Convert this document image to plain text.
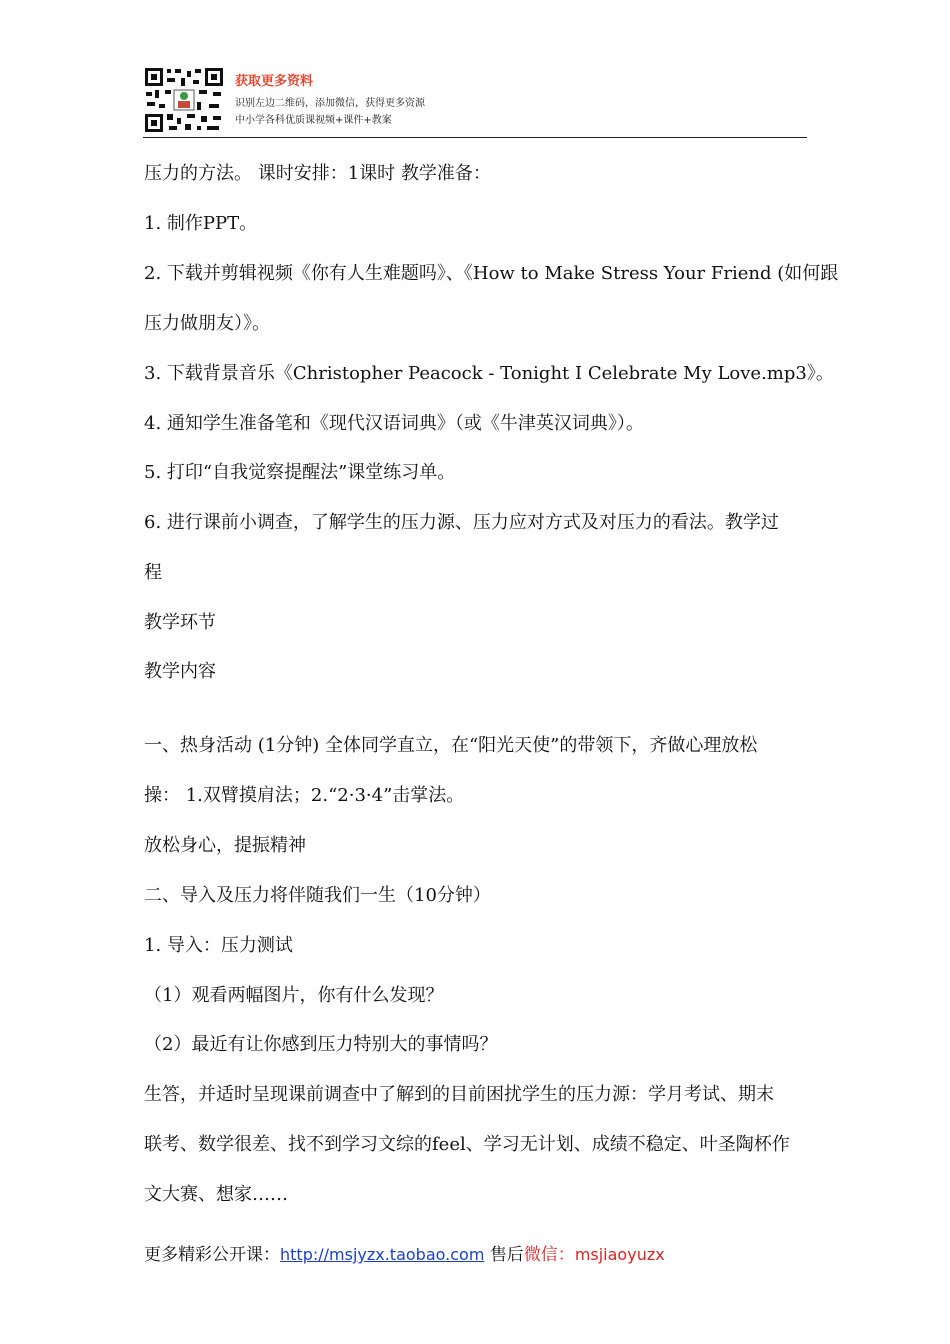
获取更多资料
识别左边二维码，添加微信，获得更多资源
中小学各科优质课视频+课件+教案
压力的方法。 课时安排：1课时 教学准备：
1. 制作PPT。
2. 下载并剪辑视频《你有人生难题吗》、《How to Make Stress Your Friend (如何跟
压力做朋友）》。
3. 下载背景音乐《Christopher Peacock - Tonight I Celebrate My Love.mp3》。
4. 通知学生准备笔和《现代汉语词典》（或《牛津英汉词典》）。
5. 打印“自我觉察提醒法”课堂练习单。
6. 进行课前小调查，了解学生的压力源、压力应对方式及对压力的看法。教学过
程
教学环节
教学内容
一、热身活动 (1分钟) 全体同学直立，在“阳光天使”的带领下，齐做心理放松
操： 1.双臂摸肩法；2.“2·3·4”击掌法。
放松身心，提振精神
二、导入及压力将伴随我们一生（10分钟）
1. 导入：压力测试
（1）观看两幅图片，你有什么发现？
（2）最近有让你感到压力特别大的事情吗？
生答，并适时呈现课前调查中了解到的目前困扰学生的压力源：学月考试、期末
联考、数学很差、找不到学习文综的feel、学习无计划、成绩不稳定、叶圣陶杯作
文大赛、想家……
更多精彩公开课：http://msjyzx.taobao.com 售后微信：msjiaoyuzx
